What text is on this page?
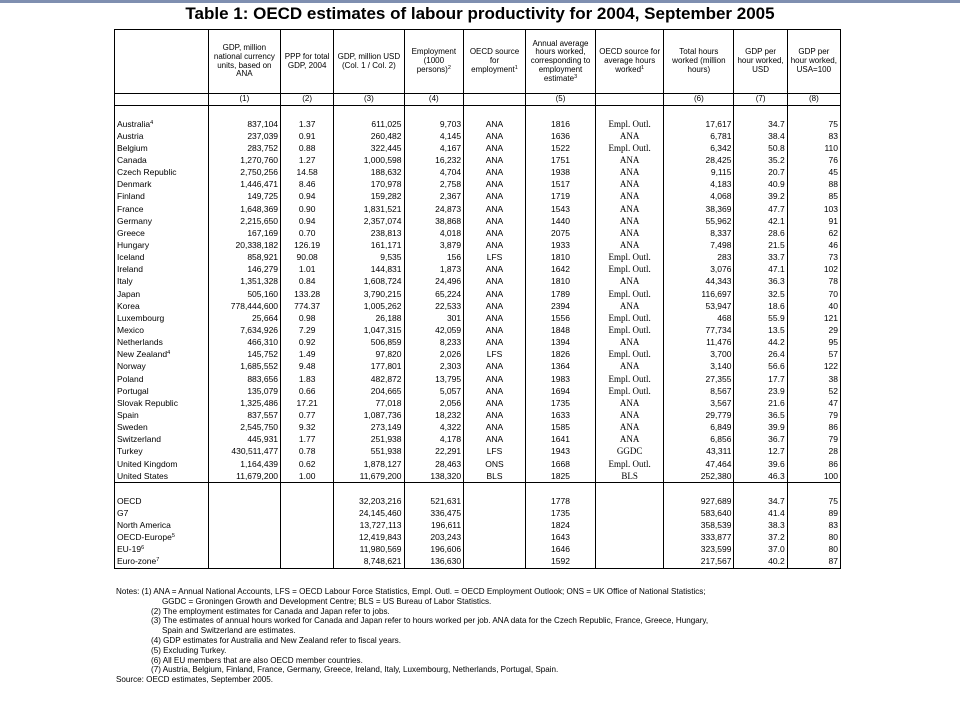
Table 1: OECD estimates of labour productivity for 2004, September 2005
	GDP, million national currency units, based on ANA	PPP for total GDP, 2004	GDP, million USD (Col. 1 / Col. 2)	Employment (1000 persons)$^2$	OECD source for employment$^1$	Annual average hours worked, corresponding to employment estimate$^3$	OECD source for average hours worked$^1$	Total hours worked (million hours)	GDP per hour worked, USD	GDP per hour worked, USA=100
	(1)	(2)	(3)	(4)		(5)		(6)	(7)	(8)

Australia$^4$	837,104	1.37	611,025	9,703	ANA	1816	Empl. Outl.	17,617	34.7	75
Austria	237,039	0.91	260,482	4,145	ANA	1636	ANA	6,781	38.4	83
Belgium	283,752	0.88	322,445	4,167	ANA	1522	Empl. Outl.	6,342	50.8	110
Canada	1,270,760	1.27	1,000,598	16,232	ANA	1751	ANA	28,425	35.2	76
Czech Republic	2,750,256	14.58	188,632	4,704	ANA	1938	ANA	9,115	20.7	45
Denmark	1,446,471	8.46	170,978	2,758	ANA	1517	ANA	4,183	40.9	88
Finland	149,725	0.94	159,282	2,367	ANA	1719	ANA	4,068	39.2	85
France	1,648,369	0.90	1,831,521	24,873	ANA	1543	ANA	38,369	47.7	103
Germany	2,215,650	0.94	2,357,074	38,868	ANA	1440	ANA	55,962	42.1	91
Greece	167,169	0.70	238,813	4,018	ANA	2075	ANA	8,337	28.6	62
Hungary	20,338,182	126.19	161,171	3,879	ANA	1933	ANA	7,498	21.5	46
Iceland	858,921	90.08	9,535	156	LFS	1810	Empl. Outl.	283	33.7	73
Ireland	146,279	1.01	144,831	1,873	ANA	1642	Empl. Outl.	3,076	47.1	102
Italy	1,351,328	0.84	1,608,724	24,496	ANA	1810	ANA	44,343	36.3	78
Japan	505,160	133.28	3,790,215	65,224	ANA	1789	Empl. Outl.	116,697	32.5	70
Korea	778,444,600	774.37	1,005,262	22,533	ANA	2394	ANA	53,947	18.6	40
Luxembourg	25,664	0.98	26,188	301	ANA	1556	Empl. Outl.	468	55.9	121
Mexico	7,634,926	7.29	1,047,315	42,059	ANA	1848	Empl. Outl.	77,734	13.5	29
Netherlands	466,310	0.92	506,859	8,233	ANA	1394	ANA	11,476	44.2	95
New Zealand$^4$	145,752	1.49	97,820	2,026	LFS	1826	Empl. Outl.	3,700	26.4	57
Norway	1,685,552	9.48	177,801	2,303	ANA	1364	ANA	3,140	56.6	122
Poland	883,656	1.83	482,872	13,795	ANA	1983	Empl. Outl.	27,355	17.7	38
Portugal	135,079	0.66	204,665	5,057	ANA	1694	Empl. Outl.	8,567	23.9	52
Slovak Republic	1,325,486	17.21	77,018	2,056	ANA	1735	ANA	3,567	21.6	47
Spain	837,557	0.77	1,087,736	18,232	ANA	1633	ANA	29,779	36.5	79
Sweden	2,545,750	9.32	273,149	4,322	ANA	1585	ANA	6,849	39.9	86
Switzerland	445,931	1.77	251,938	4,178	ANA	1641	ANA	6,856	36.7	79
Turkey	430,511,477	0.78	551,938	22,291	LFS	1943	GGDC	43,311	12.7	28
United Kingdom	1,164,439	0.62	1,878,127	28,463	ONS	1668	Empl. Outl.	47,464	39.6	86
United States	11,679,200	1.00	11,679,200	138,320	BLS	1825	BLS	252,380	46.3	100

OECD			32,203,216	521,631		1778		927,689	34.7	75
G7			24,145,460	336,475		1735		583,640	41.4	89
North America			13,727,113	196,611		1824		358,539	38.3	83
OECD-Europe$^5$			12,419,843	203,243		1643		333,877	37.2	80
$EU-19^6$			11,980,569	196,606		1646		323,599	37.0	80
Euro-zone$^7$			8,748,621	136,630		1592		217,567	40.2	87

Notes: (1) ANA = Annual National Accounts, LFS = OECD Labour Force Statistics, Empl. Outl. = OECD Employment Outlook; ONS = UK Office of National Statistics;

GGDC = Groningen Growth and Development Centre; BLS = US Bureau of Labor Statistics.

(2) The employment estimates for Canada and Japan refer to jobs.

(3) The estimates of annual hours worked for Canada and Japan refer to hours worked per job. ANA data for the Czech Republic, France, Greece, Hungary,

Spain and Switzerland are estimates.

(4) GDP estimates for Australia and New Zealand refer to fiscal years.

(5) Excluding Turkey.

(6) All EU members that are also OECD member countries.

(7) Austria, Belgium, Finland, France, Germany, Greece, Ireland, Italy, Luxembourg, Netherlands, Portugal, Spain.

Source: OECD estimates, September 2005.
